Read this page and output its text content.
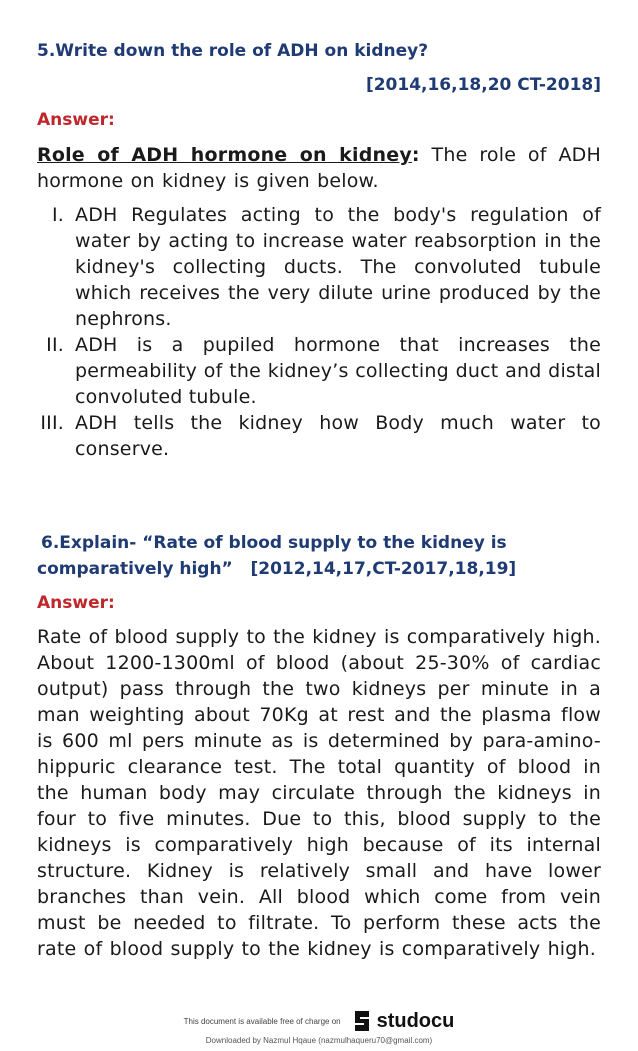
5.Write down the role of ADH on kidney?
[2014,16,18,20 CT-2018]
Answer:
Role of ADH hormone on kidney: The role of ADH hormone on kidney is given below.
I. ADH Regulates acting to the body's regulation of water by acting to increase water reabsorption in the kidney's collecting ducts. The convoluted tubule which receives the very dilute urine produced by the nephrons.
II. ADH is a pupiled hormone that increases the permeability of the kidney’s collecting duct and distal convoluted tubule.
III. ADH tells the kidney how Body much water to conserve.
6.Explain- “Rate of blood supply to the kidney is
comparatively high”   [2012,14,17,CT-2017,18,19]
Answer:
Rate of blood supply to the kidney is comparatively high. About 1200-1300ml of blood (about 25-30% of cardiac output) pass through the two kidneys per minute in a man weighting about 70Kg at rest and the plasma flow is 600 ml pers minute as is determined by para-amino-hippuric clearance test. The total quantity of blood in the human body may circulate through the kidneys in four to five minutes. Due to this, blood supply to the kidneys is comparatively high because of its internal structure. Kidney is relatively small and have lower branches than vein. All blood which come from vein must be needed to filtrate. To perform these acts the rate of blood supply to the kidney is comparatively high.
This document is available free of charge on studocu
Downloaded by Nazmul Hqaue (nazmulhaqueru70@gmail.com)
